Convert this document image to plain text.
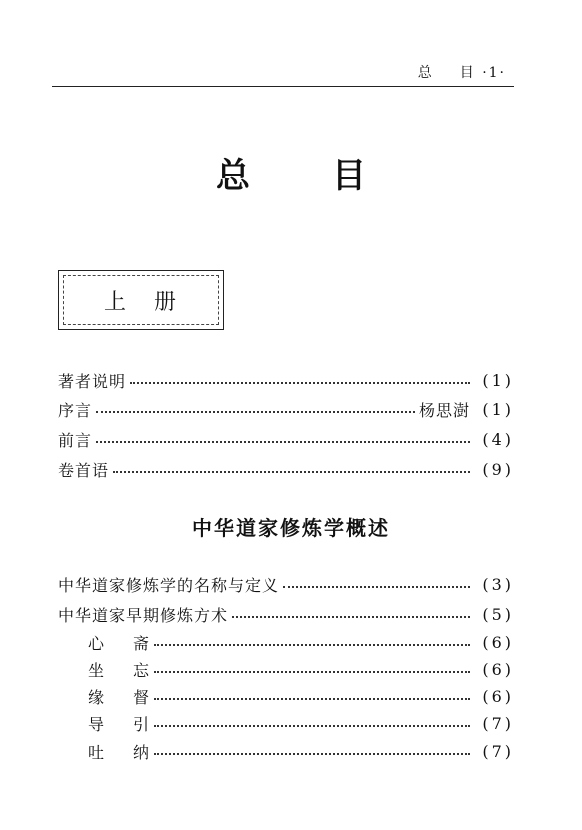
总 目 ·1·
总 目
上 册
著者说明	(1)
序言	杨思澍 (1)
前言	(4)
卷首语	(9)
中华道家修炼学概述
中华道家修炼学的名称与定义	(3)
中华道家早期修炼方术	(5)
心 斋	(6)
坐 忘	(6)
缘 督	(6)
导 引	(7)
吐 纳	(7)
